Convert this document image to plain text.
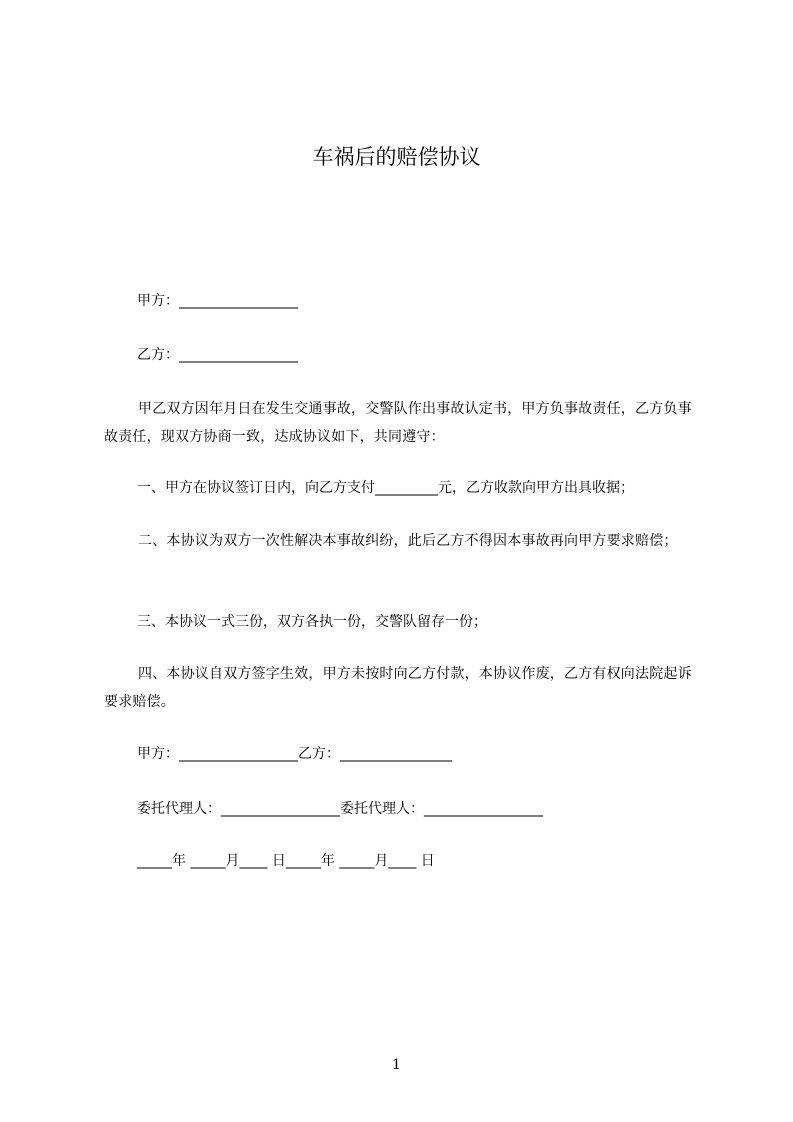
车祸后的赔偿协议
甲方：_________________
乙方：_________________
甲乙双方因年月日在发生交通事故，交警队作出事故认定书，甲方负事故责任，乙方负事故责任，现双方协商一致，达成协议如下，共同遵守：
一、甲方在协议签订日内，向乙方支付_________元，乙方收款向甲方出具收据；
二、本协议为双方一次性解决本事故纠纷，此后乙方不得因本事故再向甲方要求赔偿；
三、本协议一式三份，双方各执一份，交警队留存一份；
四、本协议自双方签字生效，甲方未按时向乙方付款，本协议作废，乙方有权向法院起诉要求赔偿。
甲方：_________________乙方：________________
委托代理人：_________________委托代理人：_________________
_____年 _____月____ 日_____年 _____月____ 日
1
